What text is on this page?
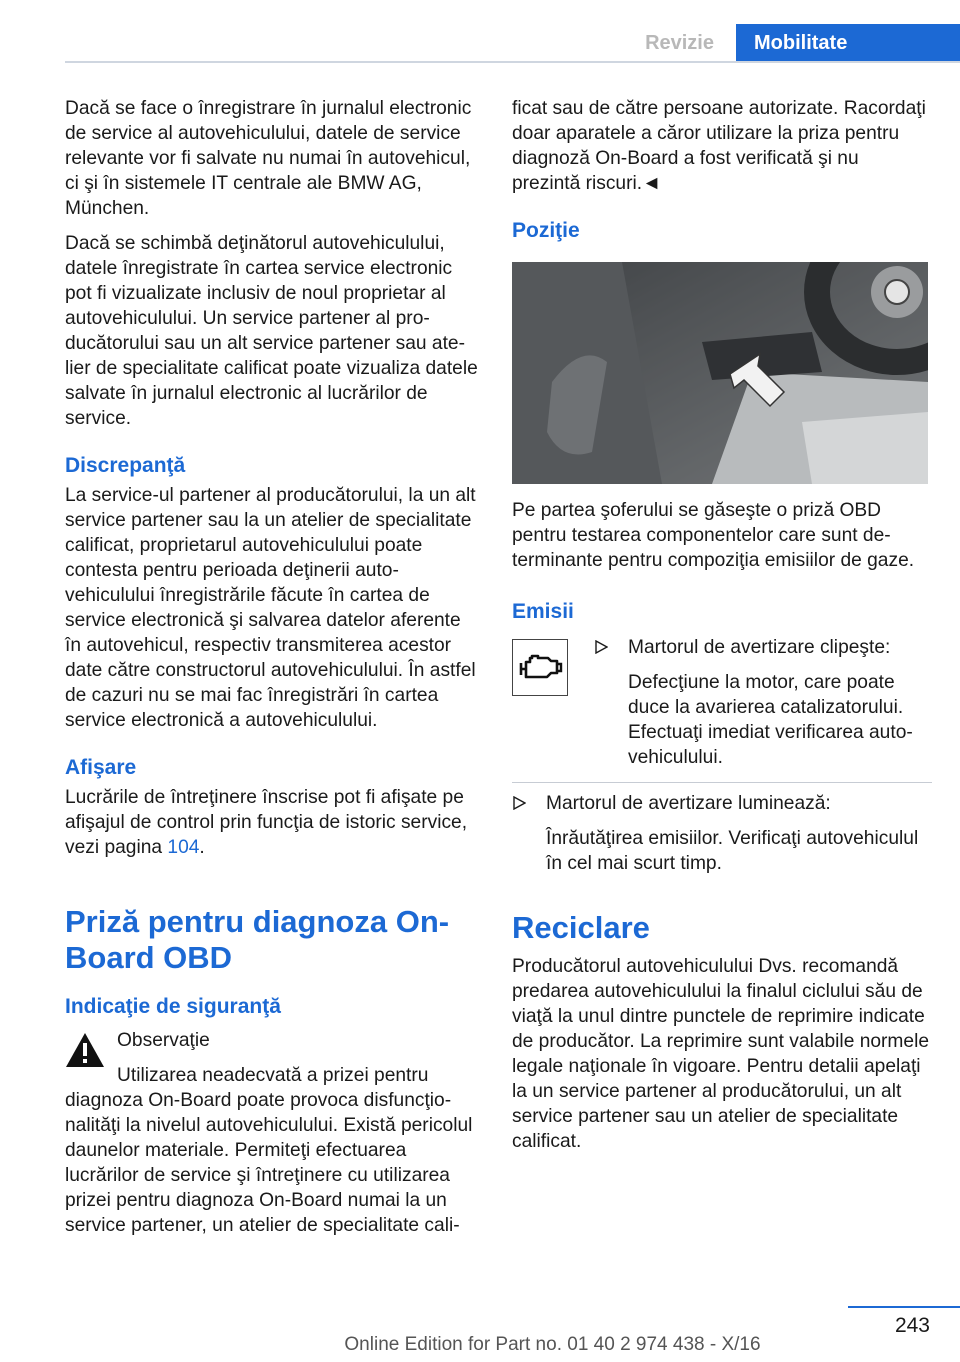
Revizie	Mobilitate

Dacă se face o înregistrare în jurnalul electronic de service al autovehiculului, datele de service relevante vor fi salvate nu numai în autovehicul, ci şi în sistemele IT centrale ale BMW AG, München.

Dacă se schimbă deţinătorul autovehiculului, datele înregistrate în cartea service electronic pot fi vizualizate inclusiv de noul proprietar al autovehiculului. Un service partener al producătorului sau un alt service partener sau atelier de specialitate calificat poate vizualiza datele salvate în jurnalul electronic al lucrărilor de service.

Discrepanţă

La service-ul partener al producătorului, la un alt service partener sau la un atelier de specialitate calificat, proprietarul autovehiculului poate contesta pentru perioada deţinerii autovehiculului înregistrările făcute în cartea de service electronică şi salvarea datelor aferente în autovehicul, respectiv transmiterea acestor date către constructorul autovehiculului. În astfel de cazuri nu se mai fac înregistrări în cartea service electronică a autovehiculului.

Afişare

Lucrările de întreţinere înscrise pot fi afişate pe afişajul de control prin funcţia de istoric service, vezi pagina 104.

Priză pentru diagnoza On-Board OBD
Indicaţie de siguranţă
Observaţie
Utilizarea neadecvată a prizei pentru
diagnoza On-Board poate provoca disfuncţionalităţi la nivelul autovehiculului. Există pericolul daunelor materiale. Permiteţi efectuarea lucrărilor de service şi întreţinere cu utilizarea prizei pentru diagnoza On-Board numai la un service partener, un atelier de specialitate cali-

ficat sau de către persoane autorizate. Racordaţi doar aparatele a căror utilizare la priza pentru diagnoză On-Board a fost verificată şi nu prezintă riscuri.◄

Poziţie

Pe partea şoferului se găseşte o priză OBD pentru testarea componentelor care sunt determinante pentru compoziţia emisiilor de gaze.

Emisii

Martorul de avertizare clipeşte:

Defecţiune la motor, care poate duce la avarierea catalizatorului. Efectuaţi imediat verificarea autovehiculului.

Martorul de avertizare luminează:

Înrăutăţirea emisiilor. Verificaţi autovehiculul în cel mai scurt timp.

Reciclare

Producătorul autovehiculului Dvs. recomandă predarea autovehiculului la finalul ciclului său de viaţă la unul dintre punctele de reprimire indicate de producător. La reprimire sunt valabile normele legale naţionale în vigoare. Pentru detalii apelaţi la un service partener al producătorului, un alt service partener sau un atelier de specialitate calificat.

243
Online Edition for Part no. 01 40 2 974 438 - X/16
